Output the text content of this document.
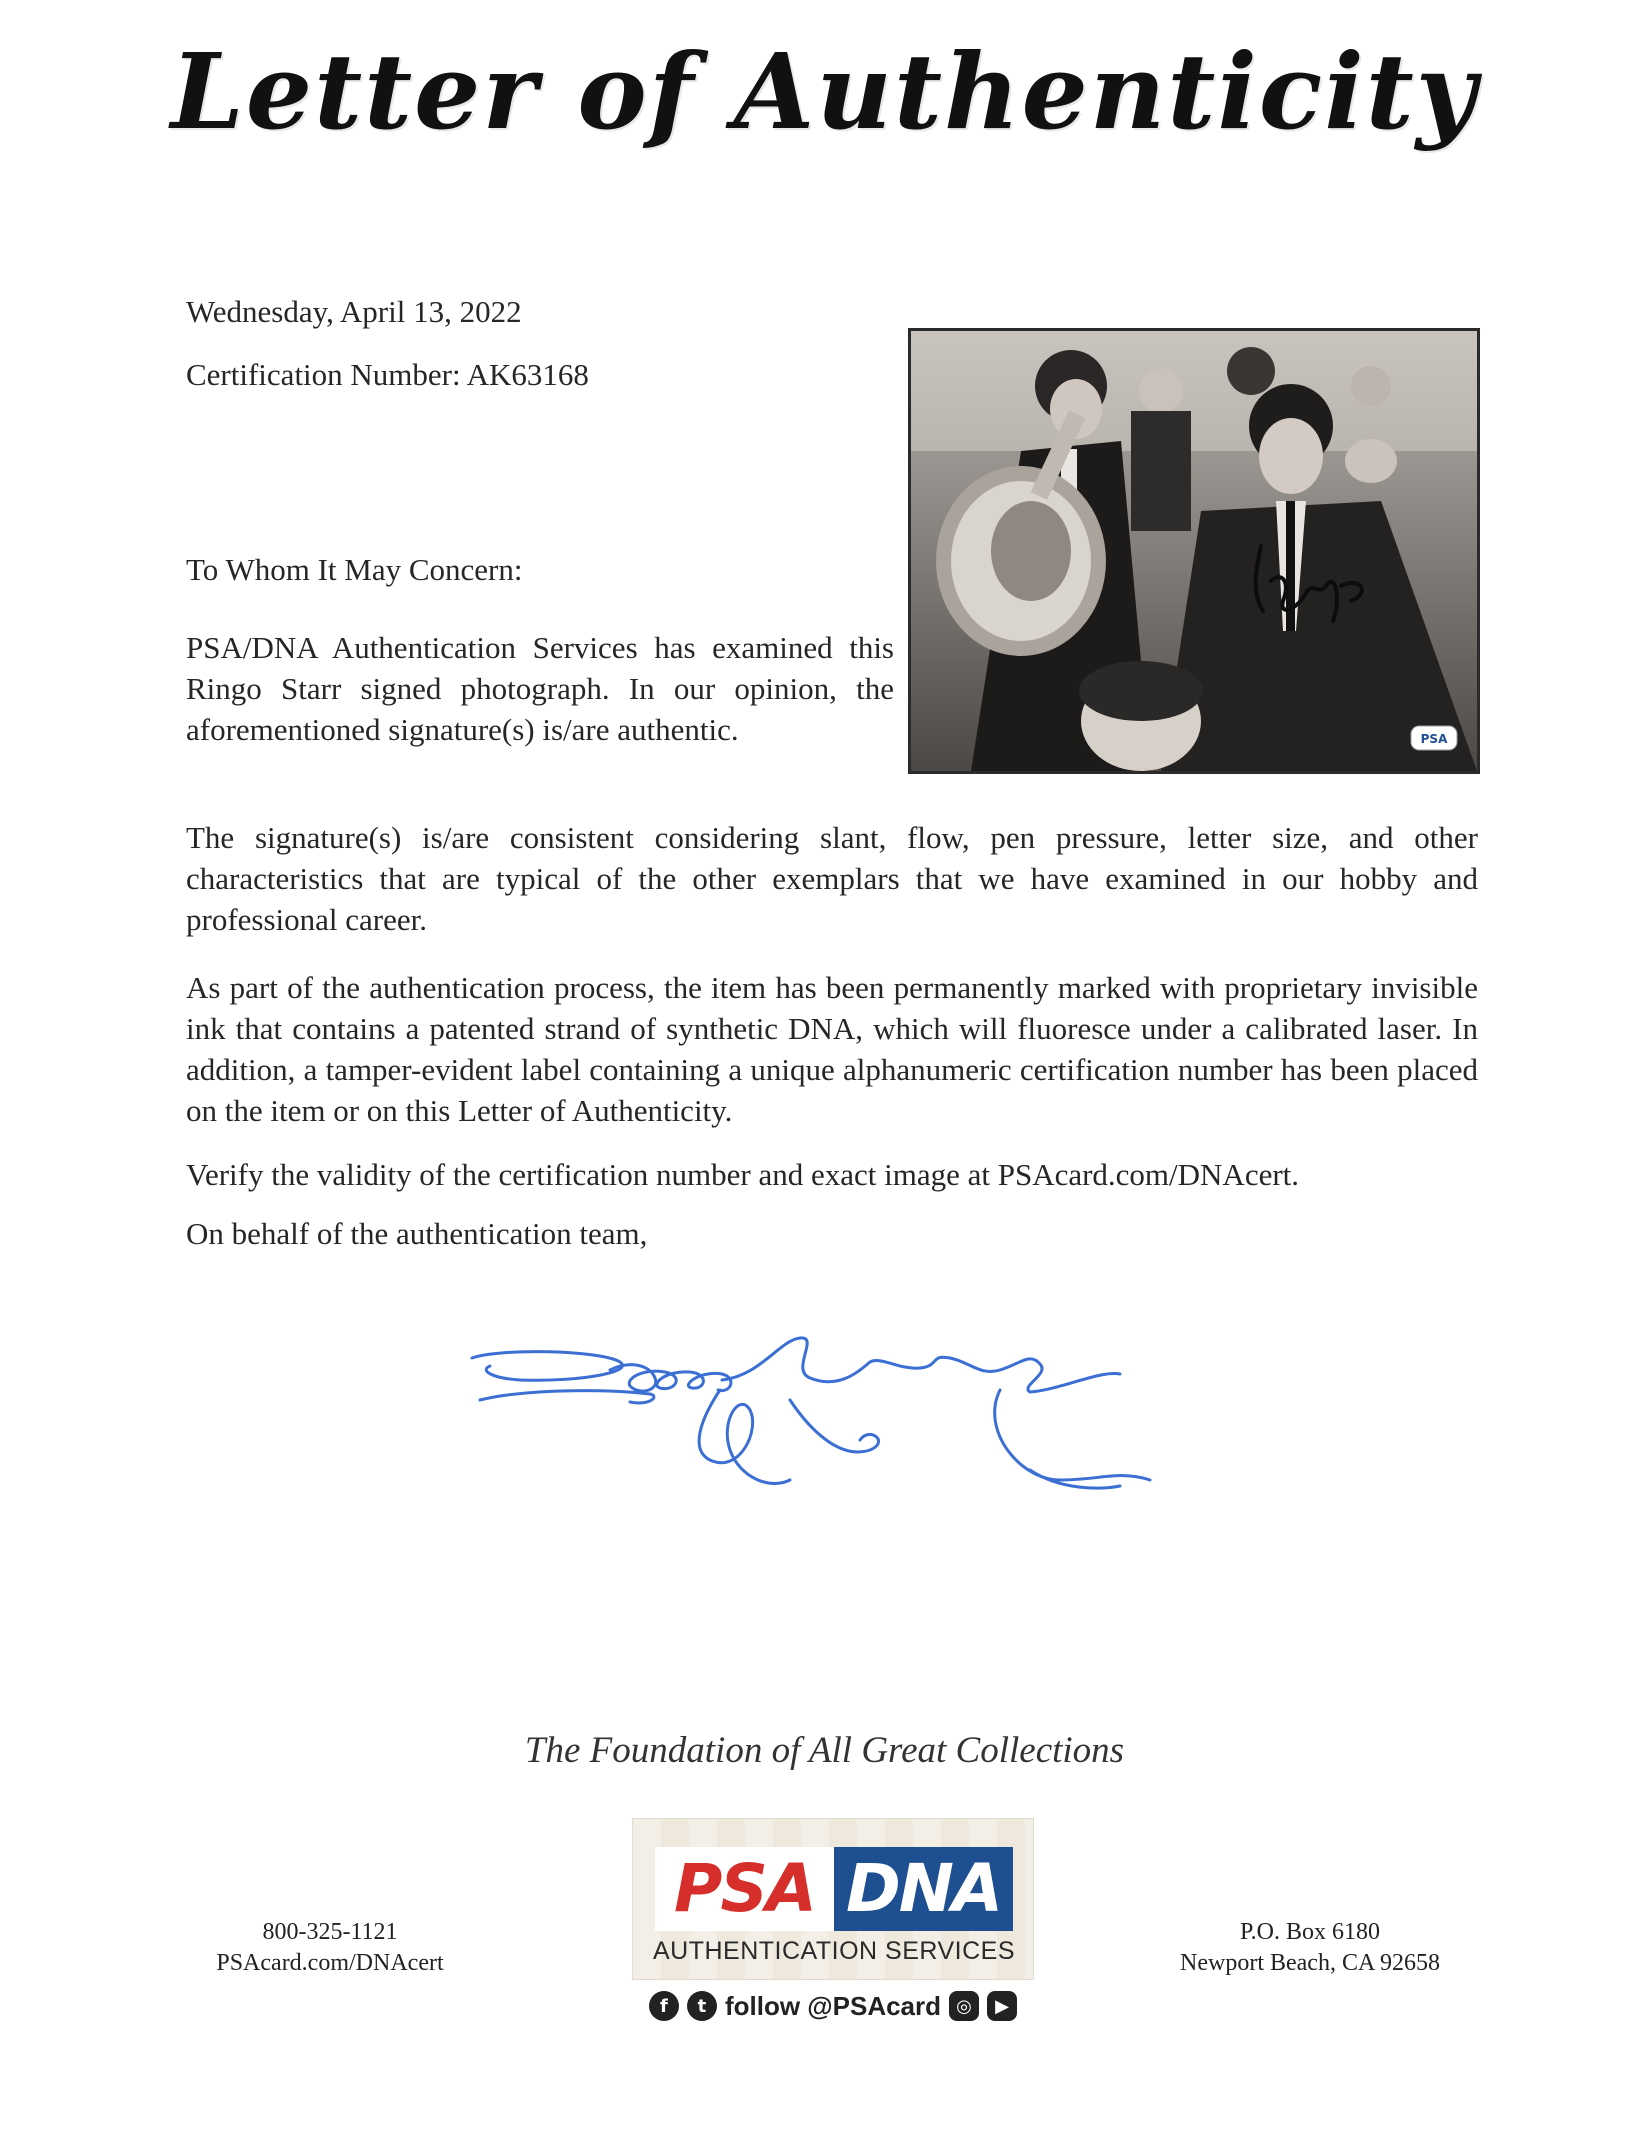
Letter of Authenticity
Wednesday, April 13, 2022
Certification Number: AK63168
PSA
To Whom It May Concern:
PSA/DNA Authentication Services has examined this Ringo Starr signed photograph. In our opinion, the aforementioned signature(s) is/are authentic.
The signature(s) is/are consistent considering slant, flow, pen pressure, letter size, and other characteristics that are typical of the other exemplars that we have examined in our hobby and professional career.
As part of the authentication process, the item has been permanently marked with proprietary invisible ink that contains a patented strand of synthetic DNA, which will fluoresce under a calibrated laser. In addition, a tamper-evident label containing a unique alphanumeric certification number has been placed on the item or on this Letter of Authenticity.
Verify the validity of the certification number and exact image at PSAcard.com/DNAcert.
On behalf of the authentication team,
The Foundation of All Great Collections
800-325-1121
PSAcard.com/DNAcert
PSA DNA
AUTHENTICATION SERVICES
f	t follow @PSAcard ◎	▶
P.O. Box 6180
Newport Beach, CA 92658
